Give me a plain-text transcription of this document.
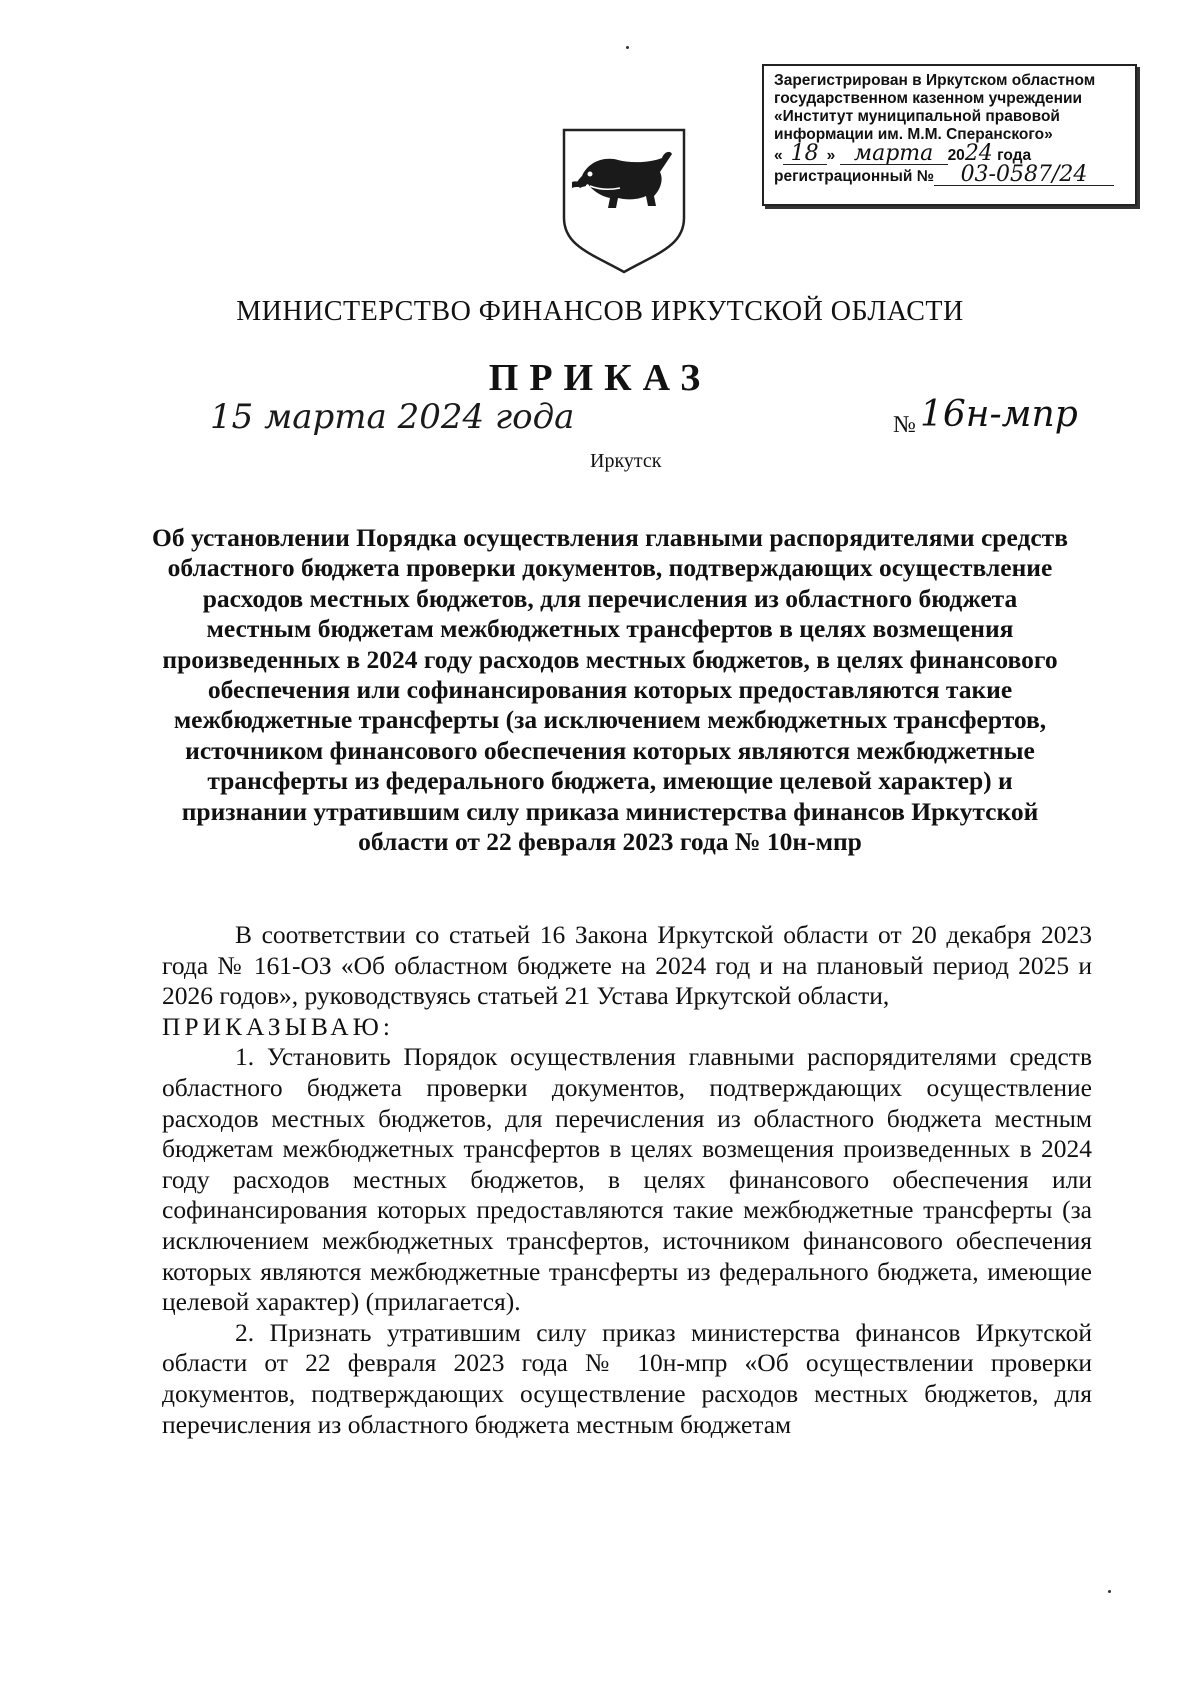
Зарегистрирован в Иркутском областном
государственном казенном учреждении
«Институт муниципальной правовой
информации им. М.М. Сперанского»
« 18 » марта 2024 года
регистрационный № 03-0587/24
МИНИСТЕРСТВО ФИНАНСОВ ИРКУТСКОЙ ОБЛАСТИ
ПРИКАЗ
15 марта 2024 года	№ 16н-мпр
Иркутск
Об установлении Порядка осуществления главными распорядителями средств областного бюджета проверки документов, подтверждающих осуществление расходов местных бюджетов, для перечисления из областного бюджета местным бюджетам межбюджетных трансфертов в целях возмещения произведенных в 2024 году расходов местных бюджетов, в целях финансового обеспечения или софинансирования которых предоставляются такие межбюджетные трансферты (за исключением межбюджетных трансфертов, источником финансового обеспечения которых являются межбюджетные трансферты из федерального бюджета, имеющие целевой характер) и признании утратившим силу приказа министерства финансов Иркутской области от 22 февраля 2023 года № 10н-мпр

В соответствии со статьей 16 Закона Иркутской области от 20 декабря 2023 года № 161-ОЗ «Об областном бюджете на 2024 год и на плановый период 2025 и 2026 годов», руководствуясь статьей 21 Устава Иркутской области,

ПРИКАЗЫВАЮ:

1. Установить Порядок осуществления главными распорядителями средств областного бюджета проверки документов, подтверждающих осуществление расходов местных бюджетов, для перечисления из областного бюджета местным бюджетам межбюджетных трансфертов в целях возмещения произведенных в 2024 году расходов местных бюджетов, в целях финансового обеспечения или софинансирования которых предоставляются такие межбюджетные трансферты (за исключением межбюджетных трансфертов, источником финансового обеспечения которых являются межбюджетные трансферты из федерального бюджета, имеющие целевой характер) (прилагается).

2. Признать утратившим силу приказ министерства финансов Иркутской области от 22 февраля 2023 года № 10н-мпр «Об осуществлении проверки документов, подтверждающих осуществление расходов местных бюджетов, для перечисления из областного бюджета местным бюджетам
